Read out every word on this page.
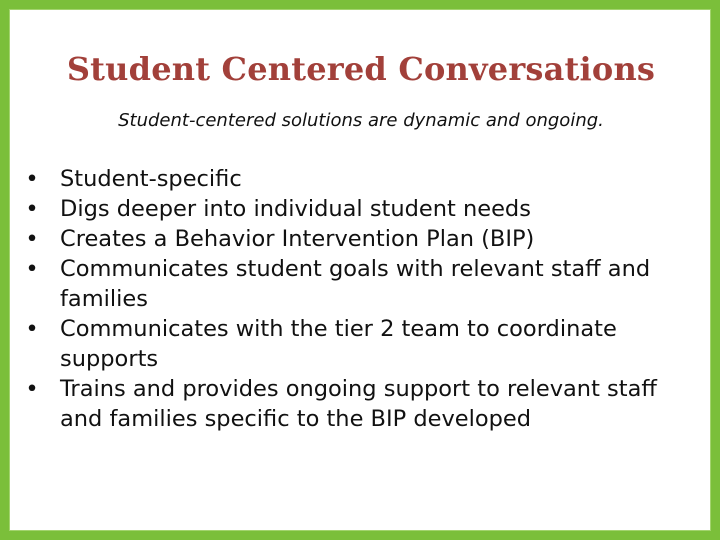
Student Centered Conversations
Student-centered solutions are dynamic and ongoing.
• Student-specific
• Digs deeper into individual student needs
• Creates a Behavior Intervention Plan (BIP)
• Communicates student goals with relevant staff and families
• Communicates with the tier 2 team to coordinate supports
• Trains and provides ongoing support to relevant staff and families specific to the BIP developed
